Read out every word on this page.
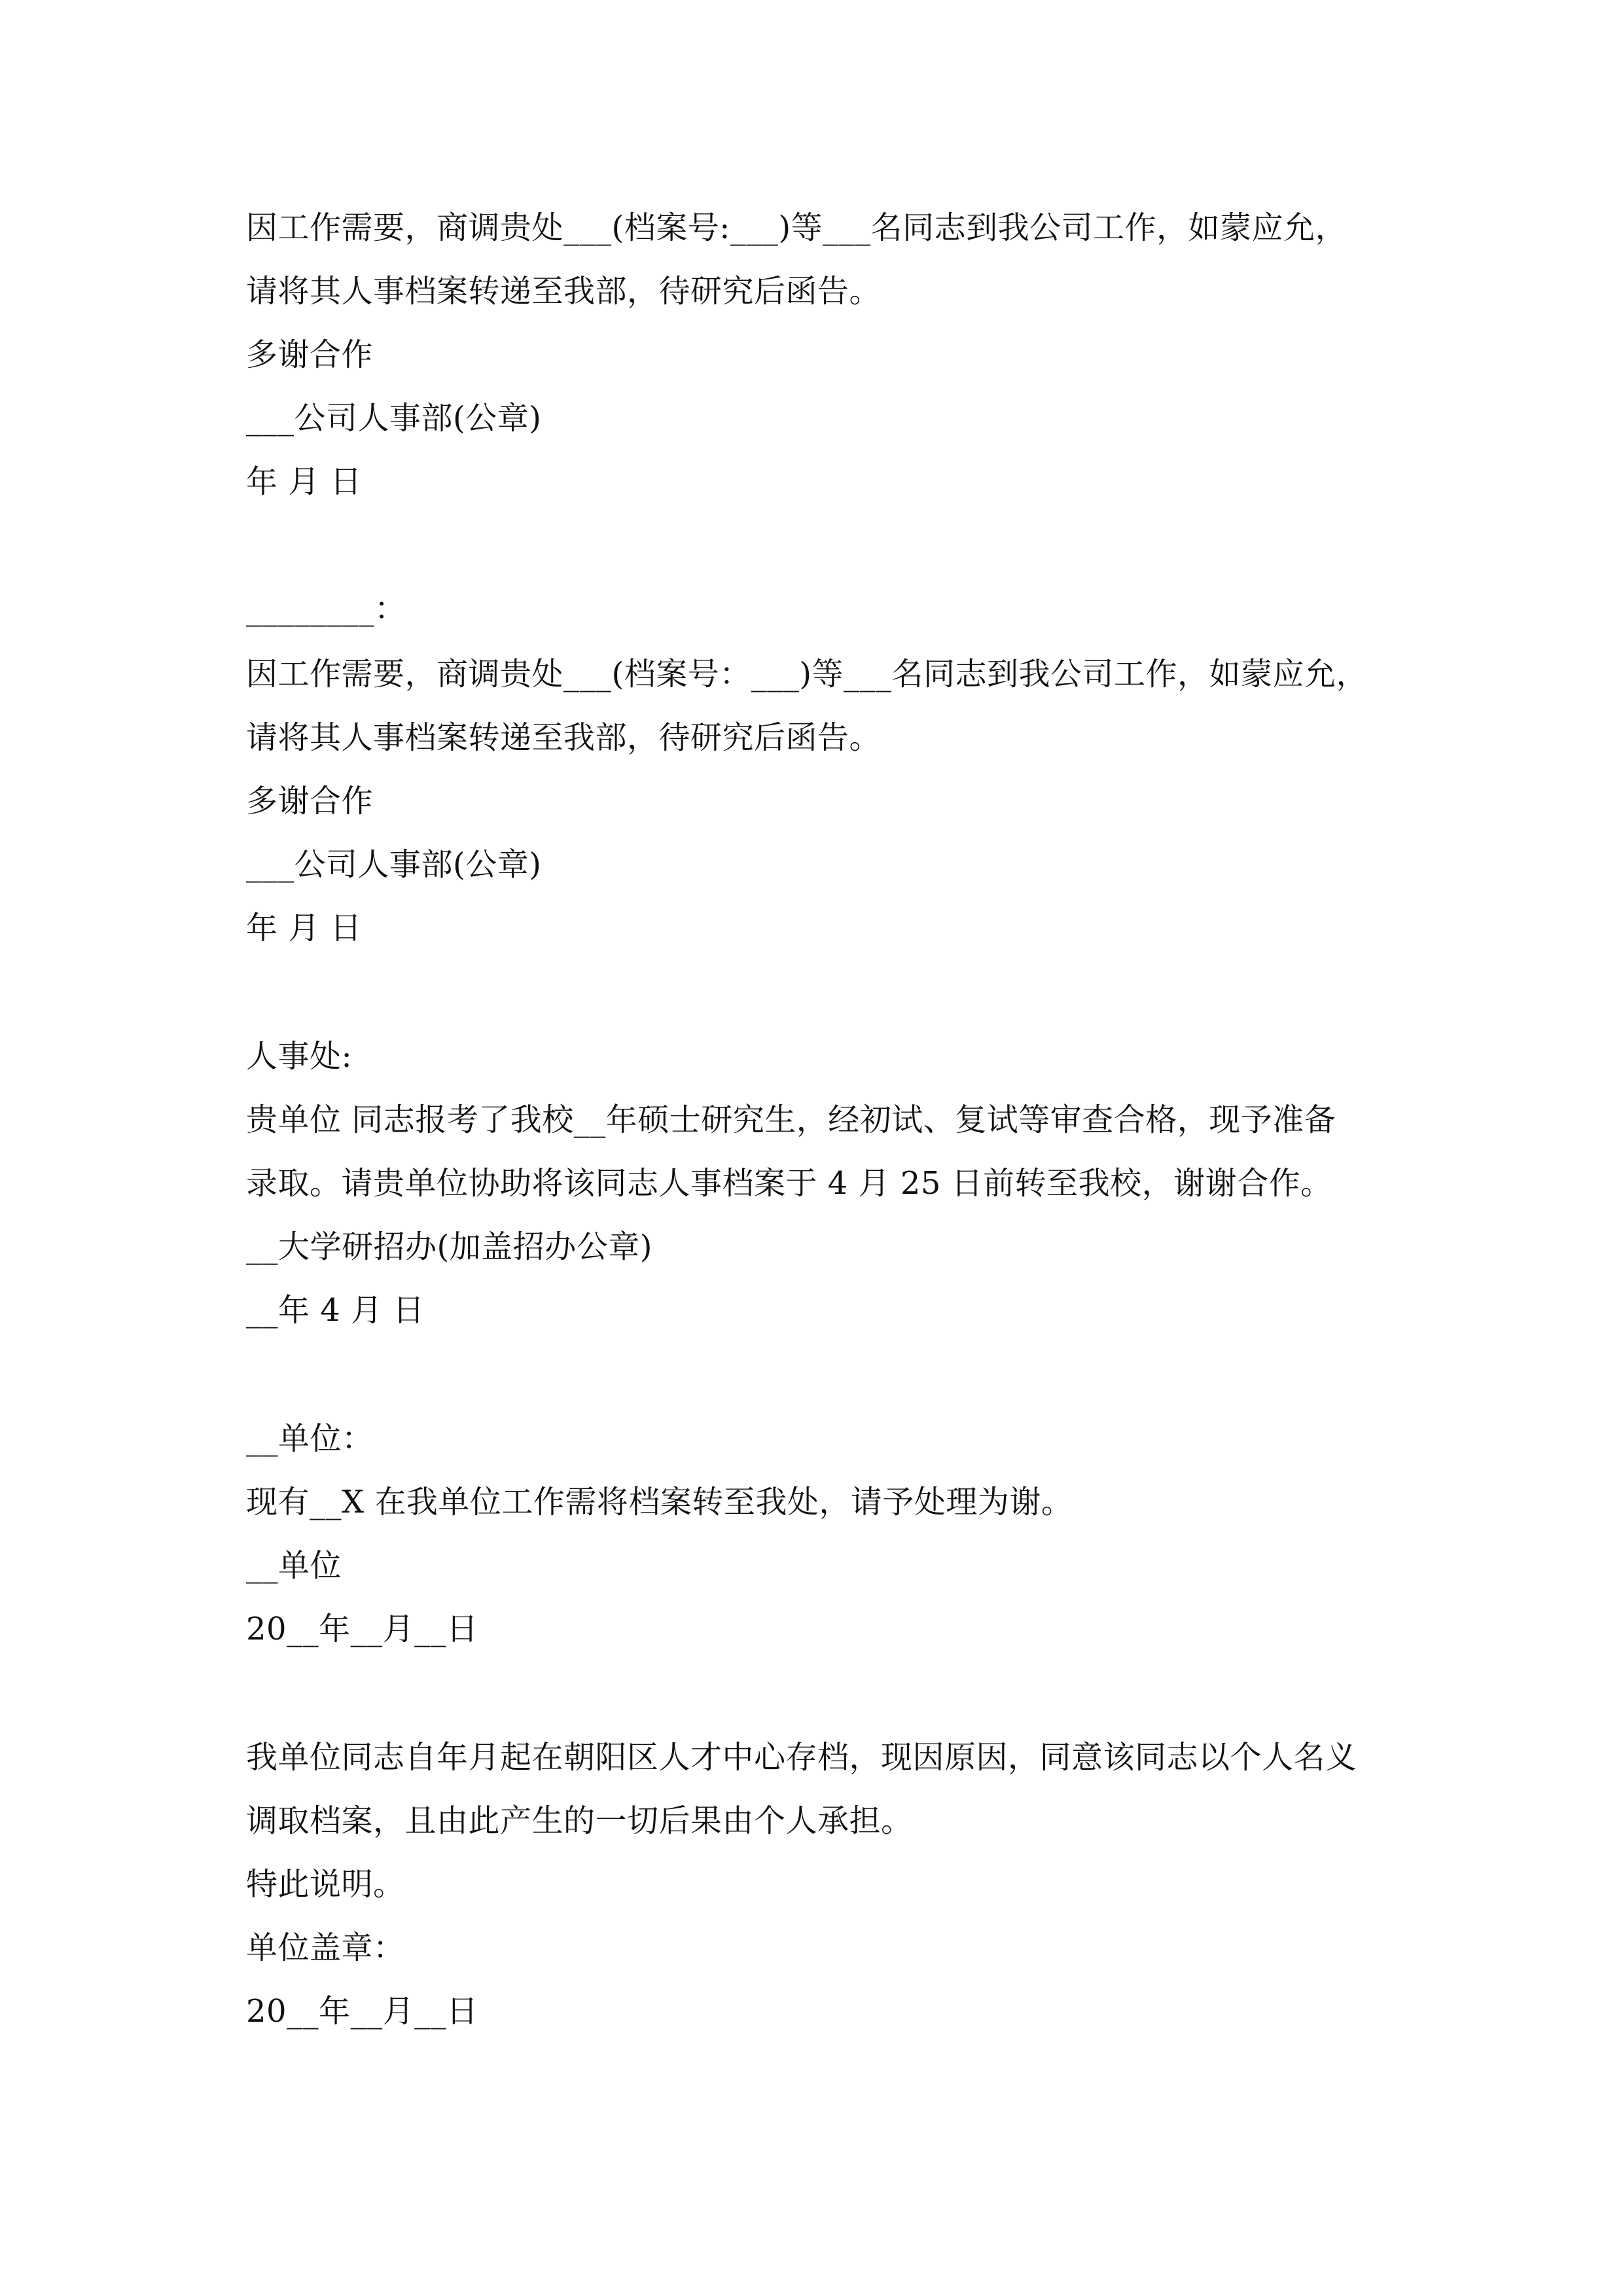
因工作需要，商调贵处___(档案号:___)等___名同志到我公司工作，如蒙应允，
请将其人事档案转递至我部，待研究后函告。
多谢合作
___公司人事部(公章)
年 月 日
________：
因工作需要，商调贵处___(档案号：___)等___名同志到我公司工作，如蒙应允，
请将其人事档案转递至我部，待研究后函告。
多谢合作
___公司人事部(公章)
年 月 日
人事处:
贵单位 同志报考了我校__年硕士研究生，经初试、复试等审查合格，现予准备
录取。请贵单位协助将该同志人事档案于 4 月 25 日前转至我校，谢谢合作。
__大学研招办(加盖招办公章)
__年 4 月 日
__单位：
现有__X 在我单位工作需将档案转至我处，请予处理为谢。
__单位
20__年__月__日
我单位同志自年月起在朝阳区人才中心存档，现因原因，同意该同志以个人名义
调取档案，且由此产生的一切后果由个人承担。
特此说明。
单位盖章：
20__年__月__日
